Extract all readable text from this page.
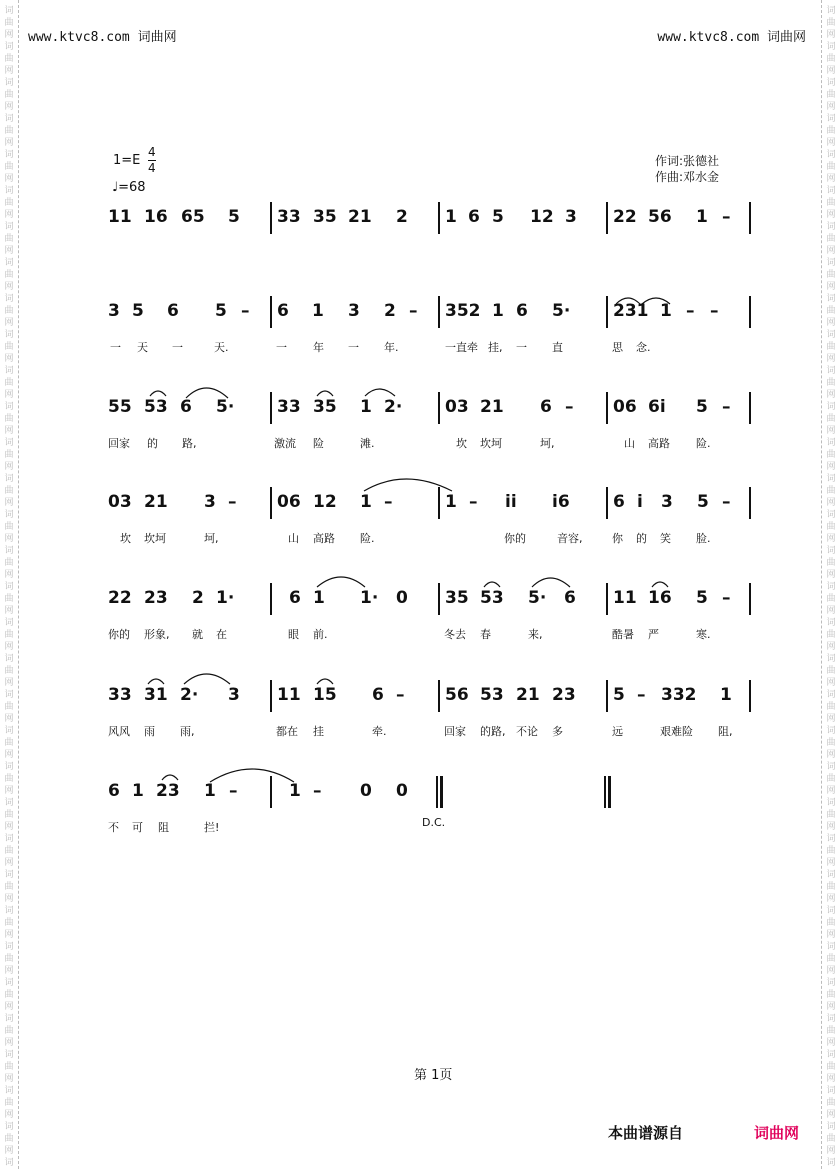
词
曲
网
词
曲
网
词
曲
网
词
曲
网
词
曲
网
词
曲
网
词
曲
网
词
曲
网
词
曲
网
词
曲
网
词
曲
网
词
曲
网
词
曲
网
词
曲
网
词
曲
网
词
曲
网
词
曲
网
词
曲
网
词
曲
网
词
曲
网
词
曲
网
词
曲
网
词
曲
网
词
曲
网
词
曲
网
词
曲
网
词
曲
网
词
曲
网
词
曲
网
词
曲
网
词
曲
网
词
曲
网
词
词
曲
网
词
曲
网
词
曲
网
词
曲
网
词
曲
网
词
曲
网
词
曲
网
词
曲
网
词
曲
网
词
曲
网
词
曲
网
词
曲
网
词
曲
网
词
曲
网
词
曲
网
词
曲
网
词
曲
网
词
曲
网
词
曲
网
词
曲
网
词
曲
网
词
曲
网
词
曲
网
词
曲
网
词
曲
网
词
曲
网
词
曲
网
词
曲
网
词
曲
网
词
曲
网
词
曲
网
词
曲
网
词
www.ktvc8.com 词曲网	www.ktvc8.com 词曲网
$1=E \frac{4}{4}$
♩=68
作词:张德社
作曲:邓水金
11 16 65 5 33 35 21 2 1 6 5 12 3 22 56 1 –
3 5 6 5 – 6 1 3 2 – 352 1 6 5·	231 1 – –
一 天 一	天.	一 年 一 年.	一直牵 挂, 一 直	思 念.
55 53 6 5·	33 35 1 2·	03 21 6 – 06 6i 5 –
回家 的 路,	激流 险	滩.	坎 坎坷	坷,	山 高路 险.
03 21 3 – 06 12 1 –	1 – ii i6	6 i 3 5 –
坎 坎坷	坷,	山 高路 险.	你的	音容,	你 的 笑 脸.
22 23 2 1·	6 1 1· 0 35 53 5· 6 11 16 5 –
你的 形象, 就 在	眼 前.	冬去 春	来,	酷暑 严	寒.
33 31 2· 3 11 15 6 – 56 53 21 23 5 – 332 1
风风 雨 雨,	都在 挂	牵.	回家 的路, 不论 多	远	艰难险 阻,
6 1 23 1 –	1 – 0 0
D.C.
不 可 阻	拦!
第 1页
本曲谱源自	词曲网
